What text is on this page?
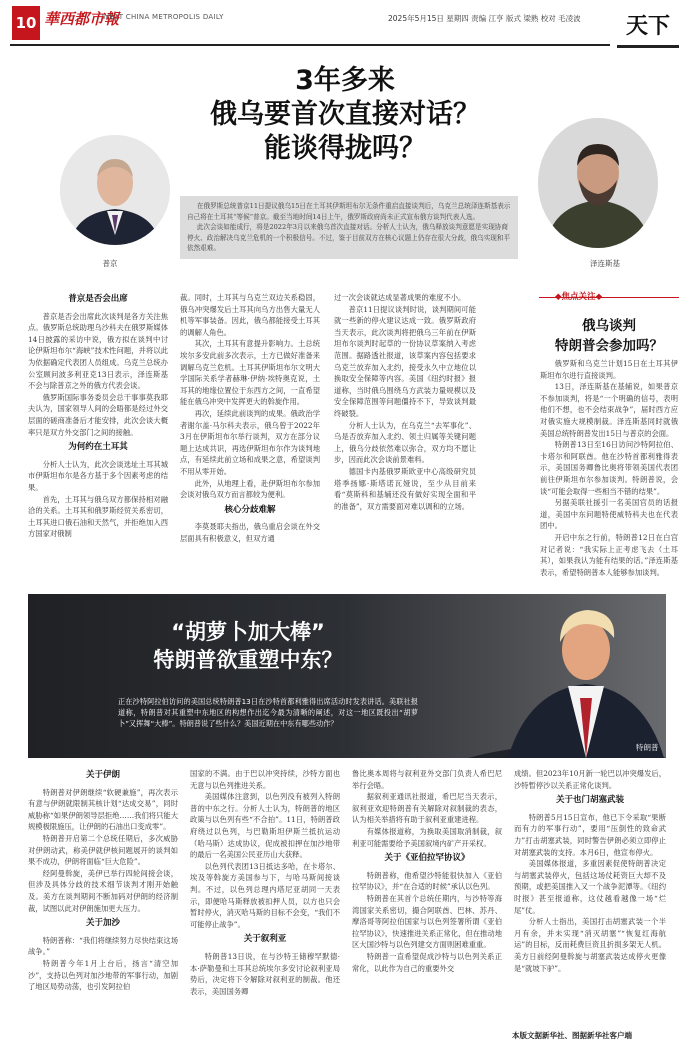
10 華西都市報
WEST CHINA METROPOLIS DAILY	2025年5月15日 星期四 责编 江亨 版式 梁熟 校对 毛凌波	天下
3年多来
俄乌要首次直接对话？
能谈得拢吗？
普京	泽连斯基

在俄罗斯总统普京11日提议俄乌15日在土耳其伊斯坦布尔无条件重启直接谈判后，乌克兰总统泽连斯基表示自己将在土耳其“等候”普京。截至当地时间14日上午，俄罗斯政府尚未正式宣布俄方谈判代表人选。

此次会谈如能成行，将是2022年3月以来俄乌首次直接对话。分析人士认为，俄乌释放谈判意愿是实现协商停火、政治解决乌克兰危机的一个积极信号。不过，鉴于目前双方在核心议题上仍存在很大分歧，俄乌实现和平依然艰难。

普京是否会出席

普京是否会出席此次谈判是各方关注焦点。俄罗斯总统助理乌沙科夫在俄罗斯媒体14日披露的采访中说，俄方拟在谈判中讨论伊斯坦布尔“海峡”技术性问题，并将以此为依据确定代表团人员组成。乌克兰总统办公室顾问波多利亚克13日表示，泽连斯基不会与除普京之外的俄方代表会谈。

俄罗斯国际事务委员会总干事事莫我耶夫认为，国家领导人间的会晤都是经过外交层面的磋商准备后才能安排，此次会谈大概率只是双方外交部门之间的接触。

为何约在土耳其

分析人士认为，此次会谈选址土耳其城市伊斯坦布尔是各方基于多个因素考虑的结果。

首先，土耳其与俄乌双方都保持相对融洽的关系。土耳其和俄罗斯经贸关系密切，土耳其进口俄石油和天然气，并拒绝加入西方国家对俄制

裁。同时，土耳其与乌克兰双边关系稳固，俄乌冲突爆发后土耳其向乌方出售大量无人机等军事装备。因此，俄乌都能接受土耳其的调解人角色。

其次，土耳其有意提升影响力。土总统埃尔多安此前多次表示，土方已做好准备来调解乌克兰危机。土耳其伊斯坦布尔文明大学国际关系学者赫琳·伊纳·埃特奥克说，土耳其的地缘位置位于东西方之间，一直希望能在俄乌冲突中发挥更大的斡旋作用。

再次，延续此前谈判的成果。俄政治学者谢尔盖·马尔科夫表示，俄乌曾于2022年3月在伊斯坦布尔举行谈判，双方在部分议题上达成共识，再选伊斯坦布尔作为谈判地点，有延续此前立场和成果之意，希望谈判不用从零开始。

此外，从地理上看，赴伊斯坦布尔参加会谈对俄乌双方而言都较为便利。

核心分歧难解

李莫聂耶夫指出，俄乌重启会谈在外交层面具有积极意义，但双方通

过一次会谈就达成显著成果的难度不小。

普京11日提议谈判时说，谈判期间可能就一些新的停火建议达成一致。俄罗斯政府当天表示，此次谈判将把俄乌三年前在伊斯坦布尔谈判时起草的一份协议草案纳入考虑范围。据路透社报道，该草案内容包括要求乌克兰放弃加入北约，接受永久中立地位以换取安全保障等内容。美国《纽约时报》报道称，当时俄乌围绕乌方武装力量规模以及安全保障范围等问题僵持不下，导致谈判最终破裂。

分析人士认为，在乌克兰“去军事化”、乌是否放弃加入北约、领土归属等关键问题上，俄乌分歧依然难以弥合，双方均不愿让步，因而此次会谈前景难料。

德国卡内基俄罗斯欧亚中心高级研究员塔季扬娜·斯塔诺瓦娅说，至少从目前来看“莫斯科和基辅还没有做好实现全面和平的准备”，双方需要面对难以调和的立场。

◆焦点关注◆
俄乌谈判
特朗普会参加吗？

俄罗斯和乌克兰计划15日在土耳其伊斯坦布尔进行直接谈判。

13日，泽连斯基在基辅说，如果普京不参加谈判，将是“一个明确的信号，表明他们不想，也不会结束战争”，届时西方应对俄实施大规模制裁。泽连斯基同时就俄美国总统特朗普发出15日与普京的会面。

特朗普13日至16日访问沙特阿拉伯、卡塔尔和阿联酋。他在沙特首都利雅得表示，美国国务卿鲁比奥将带领美国代表团前往伊斯坦布尔参加谈判。特朗普说，会谈“可能会取得一些相当不错的结果”。

另据美联社援引一名美国官员的话报道，美国中东问题特使威特科夫也在代表团中。

开启中东之行前，特朗普12日在白宫对记者说：“我实际上正考虑飞去（土耳其），如果我认为能有结果的话。”泽连斯基表示，希望特朗普本人能够参加谈判。

“胡萝卜加大棒”
特朗普欲重塑中东？
正在沙特阿拉伯访问的美国总统特朗普13日在沙特首都利雅得出席活动时发表讲话。美联社报道称，特朗普对其重塑中东地区的构想作出迄今最为清晰的阐述，对这一地区既投出“胡萝卜”又挥舞“大棒”。特朗普说了些什么？美国近期在中东有哪些动作？
特朗普
关于伊朗

特朗普对伊朗继续“软硬兼施”，再次表示有意与伊朗就限制其核计划“达成交易”，同时威胁称“如果伊朗领导层拒绝……我们将只能大规模极限施压，让伊朗的石油出口变成零”。

特朗普开启第二个总统任期后，多次威胁对伊朗动武，称美伊就伊核问题展开的谈判如果不成功，伊朗将面临“巨大危险”。

经阿曼斡旋，美伊已举行四轮间接会谈，但涉及具体分歧的技术细节谈判才刚开始触及。美方在谈判期间不断加码对伊朗的经济制裁，试图以此对伊朗施加更大压力。

关于加沙

特朗普称：“我们将继续努力尽快结束这场战争。”

特朗普今年1月上台后，扬言“清空加沙”，支持以色列对加沙地带的军事行动，加剧了地区局势动荡，也引发阿拉伯

国家的不满。由于巴以冲突持续，沙特方面也无意与以色列推进关系。

美国媒体注意到，以色列没有被列入特朗普的中东之行。分析人士认为，特朗普的地区政策与以色列有些“不合拍”。11日，特朗普政府绕过以色列，与巴勒斯坦伊斯兰抵抗运动（哈马斯）达成协议，促成被扣押在加沙地带的最后一名美国公民亚历山大获释。

以色列代表团13日抵达多哈，在卡塔尔、埃及等斡旋方美国参与下，与哈马斯间接谈判。不过，以色列总理内塔尼亚胡同一天表示，即便哈马斯释放被扣押人员，以方也只会暂时停火，消灭哈马斯的目标不会变，“我们不可能停止战争”。

关于叙利亚

特朗普13日说，在与沙特王储穆罕默德·本·萨勒曼和土耳其总统埃尔多安讨论叙利亚局势后，决定将下令解除对叙利亚的制裁。他还表示，美国国务卿

鲁比奥本周将与叙利亚外交部门负责人希巴尼举行会晤。

据叙利亚通讯社报道，希巴尼当天表示，叙利亚欢迎特朗普有关解除对叙制裁的表态，认为相关举措将有助于叙利亚重建进程。

有媒体报道称，为换取美国取消制裁，叙利亚可能需要给予美国叙境内矿产开采权。

关于《亚伯拉罕协议》

特朗普称，他希望沙特能很快加入《亚伯拉罕协议》，并“在合适的时候”承认以色列。

特朗普在其首个总统任期内，与沙特等海湾国家关系密切，撮合阿联酋、巴林、苏丹、摩洛哥等阿拉伯国家与以色列签署所谓《亚伯拉罕协议》，快速推进关系正常化，但在推动地区大国沙特与以色列建交方面则困难重重。

特朗普一直希望促成沙特与以色列关系正常化，以此作为自己的重要外交

成绩。但2023年10月新一轮巴以冲突爆发后，沙特暂停沙以关系正常化谈判。

关于也门胡塞武装

特朗普5月15日宣布，他已下令采取“果断而有力的军事行动”，要用“压倒性的致命武力”打击胡塞武装，同时警告伊朗必须立即停止对胡塞武装的支持。本月6日，他宣布停火。

美国媒体报道，多重因素促使特朗普决定与胡塞武装停火，包括这场仗耗资巨大却不及预期，或把美国推入又一个战争泥潭等。《纽约时报》甚至报道称，这仗越看越像一场“烂尾”仗。

分析人士指出，美国打击胡塞武装一个半月有余，并未实现“消灭胡塞”“恢复红海航运”的目标，反而耗费巨资且折损多架无人机。美方日前经阿曼斡旋与胡塞武装达成停火更像是“就坡下驴”。

本版文据新华社、图据新华社客户端
